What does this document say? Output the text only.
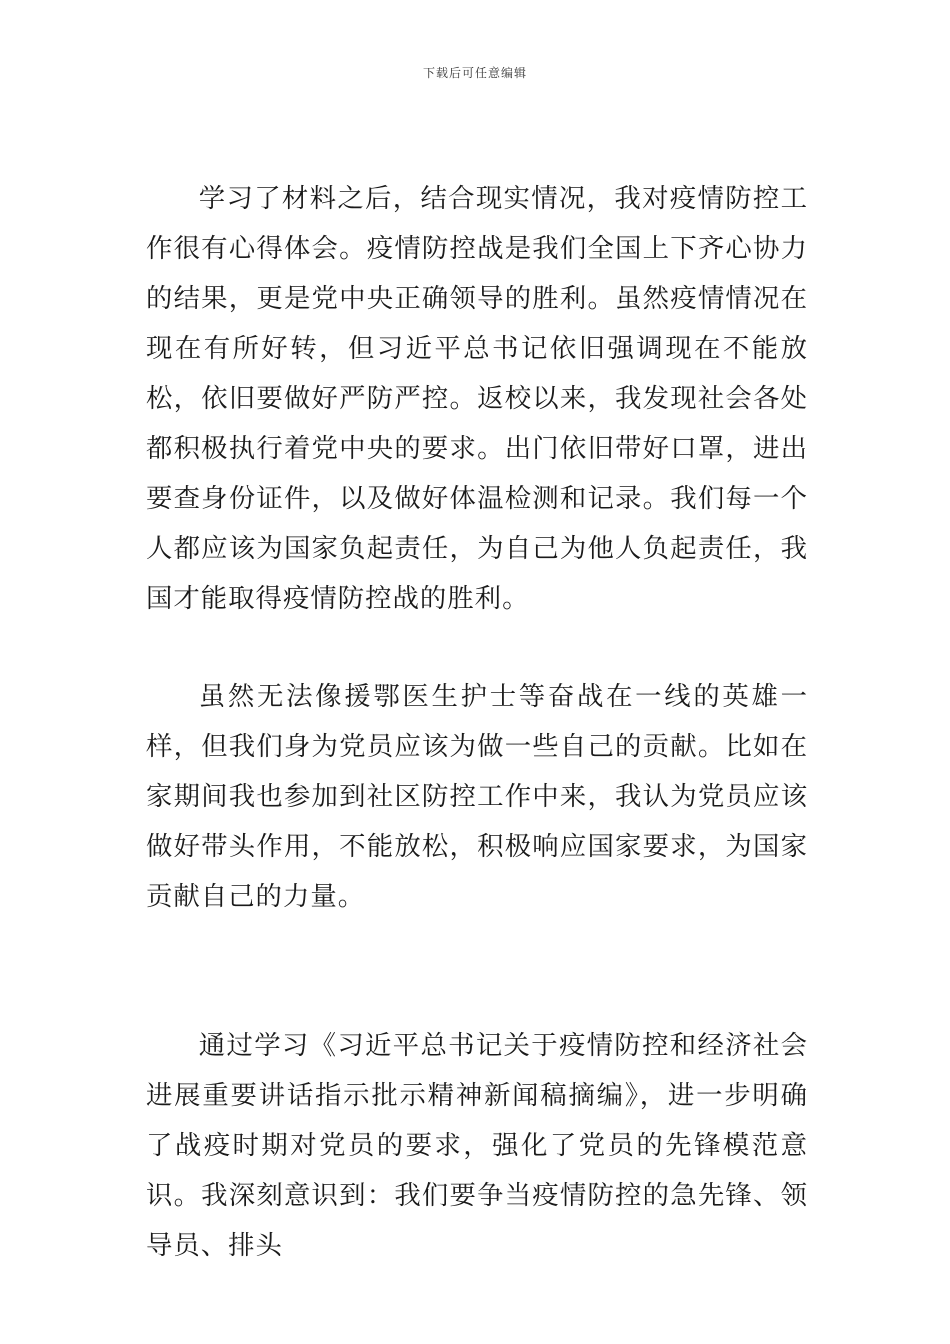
下载后可任意编辑

学习了材料之后，结合现实情况，我对疫情防控工作很有心得体会。疫情防控战是我们全国上下齐心协力的结果，更是党中央正确领导的胜利。虽然疫情情况在现在有所好转，但习近平总书记依旧强调现在不能放松，依旧要做好严防严控。返校以来，我发现社会各处都积极执行着党中央的要求。出门依旧带好口罩，进出要查身份证件，以及做好体温检测和记录。我们每一个人都应该为国家负起责任，为自己为他人负起责任，我国才能取得疫情防控战的胜利。

虽然无法像援鄂医生护士等奋战在一线的英雄一样，但我们身为党员应该为做一些自己的贡献。比如在家期间我也参加到社区防控工作中来，我认为党员应该做好带头作用，不能放松，积极响应国家要求，为国家贡献自己的力量。

通过学习《习近平总书记关于疫情防控和经济社会进展重要讲话指示批示精神新闻稿摘编》，进一步明确了战疫时期对党员的要求，强化了党员的先锋模范意识。我深刻意识到：我们要争当疫情防控的急先锋、领导员、排头
